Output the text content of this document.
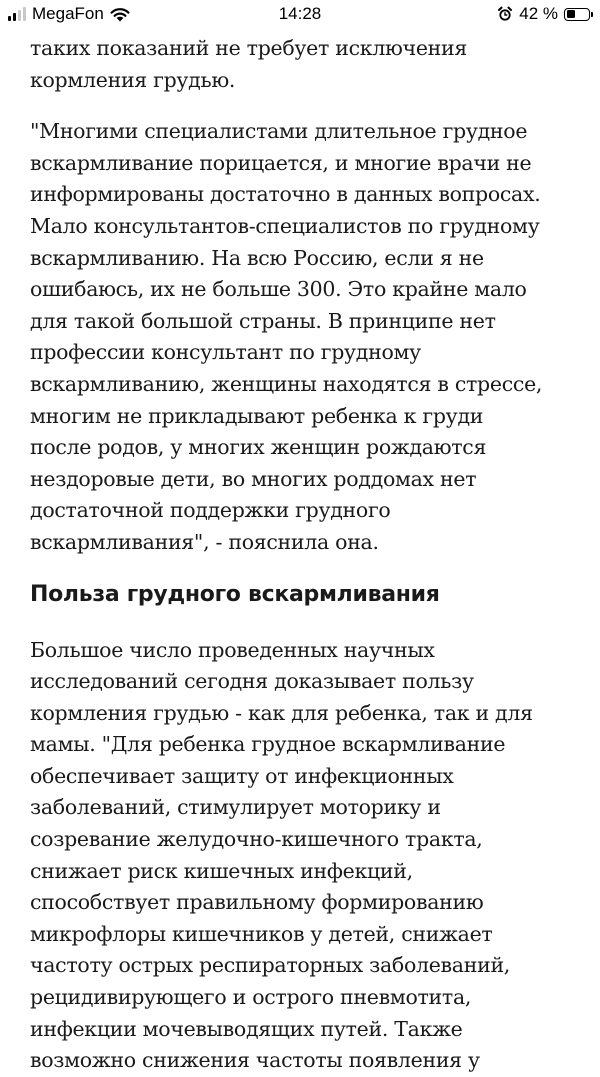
MegaFon	14:28	42 %

таких показаний не требует исключения
кормления грудью.

"Многими специалистами длительное грудное
вскармливание порицается, и многие врачи не
информированы достаточно в данных вопросах.
Мало консультантов-специалистов по грудному
вскармливанию. На всю Россию, если я не
ошибаюсь, их не больше 300. Это крайне мало
для такой большой страны. В принципе нет
профессии консультант по грудному
вскармливанию, женщины находятся в стрессе,
многим не прикладывают ребенка к груди
после родов, у многих женщин рождаются
нездоровые дети, во многих роддомах нет
достаточной поддержки грудного
вскармливания", - пояснила она.

Польза грудного вскармливания

Большое число проведенных научных
исследований сегодня доказывает пользу
кормления грудью - как для ребенка, так и для
мамы. "Для ребенка грудное вскармливание
обеспечивает защиту от инфекционных
заболеваний, стимулирует моторику и
созревание желудочно-кишечного тракта,
снижает риск кишечных инфекций,
способствует правильному формированию
микрофлоры кишечников у детей, снижает
частоту острых респираторных заболеваний,
рецидивирующего и острого пневмотита,
инфекции мочевыводящих путей. Также
возможно снижения частоты появления у
